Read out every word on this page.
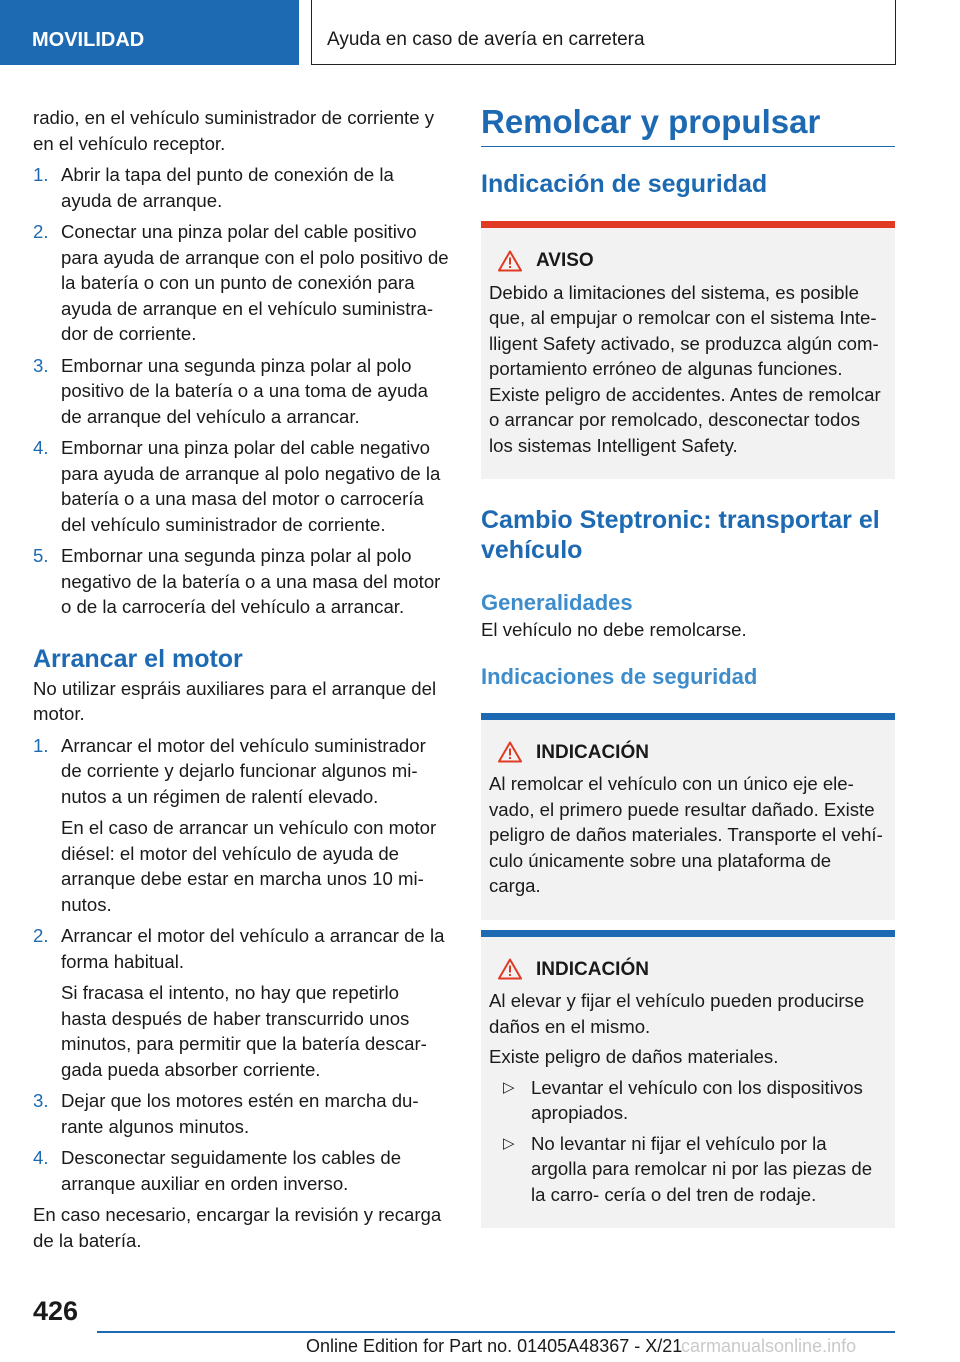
MOVILIDAD	Ayuda en caso de avería en carretera

radio, en el vehículo suministrador de corriente y en el vehículo receptor.

1. Abrir la tapa del punto de conexión de la ayuda de arranque.

2. Conectar una pinza polar del cable positivo para ayuda de arranque con el polo positivo de la batería o con un punto de conexión para ayuda de arranque en el vehículo suministra‐ dor de corriente.

3. Embornar una segunda pinza polar al polo positivo de la batería o a una toma de ayuda de arranque del vehículo a arrancar.

4. Embornar una pinza polar del cable negativo para ayuda de arranque al polo negativo de la batería o a una masa del motor o carrocería del vehículo suministrador de corriente.

5. Embornar una segunda pinza polar al polo negativo de la batería o a una masa del motor o de la carrocería del vehículo a arrancar.

Arrancar el motor

No utilizar espráis auxiliares para el arranque del motor.

1. Arrancar el motor del vehículo suministrador de corriente y dejarlo funcionar algunos mi‐ nutos a un régimen de ralentí elevado.

En el caso de arrancar un vehículo con motor diésel: el motor del vehículo de ayuda de arranque debe estar en marcha unos 10 mi‐ nutos.

2. Arrancar el motor del vehículo a arrancar de la forma habitual.

Si fracasa el intento, no hay que repetirlo hasta después de haber transcurrido unos minutos, para permitir que la batería descar‐ gada pueda absorber corriente.

3. Dejar que los motores estén en marcha du‐ rante algunos minutos.

4. Desconectar seguidamente los cables de arranque auxiliar en orden inverso.

En caso necesario, encargar la revisión y recarga de la batería.

Remolcar y propulsar
Indicación de seguridad
AVISO

Debido a limitaciones del sistema, es posible que, al empujar o remolcar con el sistema Inte‐ lligent Safety activado, se produzca algún com‐ portamiento erróneo de algunas funciones. Existe peligro de accidentes. Antes de remolcar o arrancar por remolcado, desconectar todos los sistemas Intelligent Safety.

Cambio Steptronic: transportar el vehículo
Generalidades

El vehículo no debe remolcarse.

Indicaciones de seguridad
INDICACIÓN

Al remolcar el vehículo con un único eje ele‐ vado, el primero puede resultar dañado. Existe peligro de daños materiales. Transporte el vehí‐ culo únicamente sobre una plataforma de carga.

INDICACIÓN

Al elevar y fijar el vehículo pueden producirse daños en el mismo.

Existe peligro de daños materiales.

▷ Levantar el vehículo con los dispositivos apropiados.
▷ No levantar ni fijar el vehículo por la argolla para remolcar ni por las piezas de la carro‐ cería o del tren de rodaje.
426
Online Edition for Part no. 01405A48367 - X/21
carmanualsonline.info
